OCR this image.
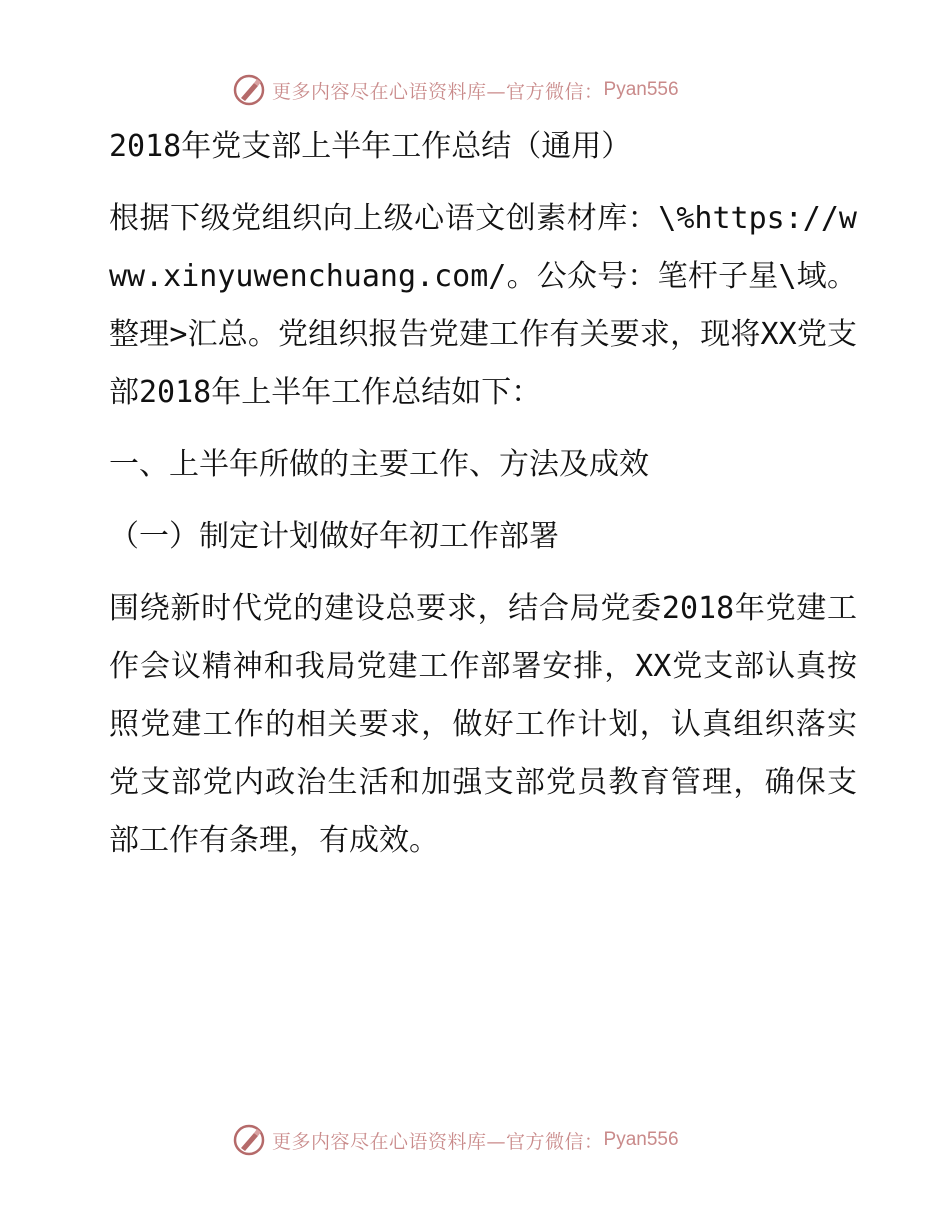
更多内容尽在心语资料库—官方微信： Pyan556

2018年党支部上半年工作总结（通用）

根据下级党组织向上级心语文创素材库：\%https://www.xinyuwenchuang.com/。公众号：笔杆子星\域。整理>汇总。党组织报告党建工作有关要求，现将XX党支部2018年上半年工作总结如下：

一、上半年所做的主要工作、方法及成效

（一）制定计划做好年初工作部署

围绕新时代党的建设总要求，结合局党委2018年党建工作会议精神和我局党建工作部署安排，XX党支部认真按照党建工作的相关要求，做好工作计划，认真组织落实党支部党内政治生活和加强支部党员教育管理，确保支部工作有条理，有成效。

更多内容尽在心语资料库—官方微信： Pyan556
